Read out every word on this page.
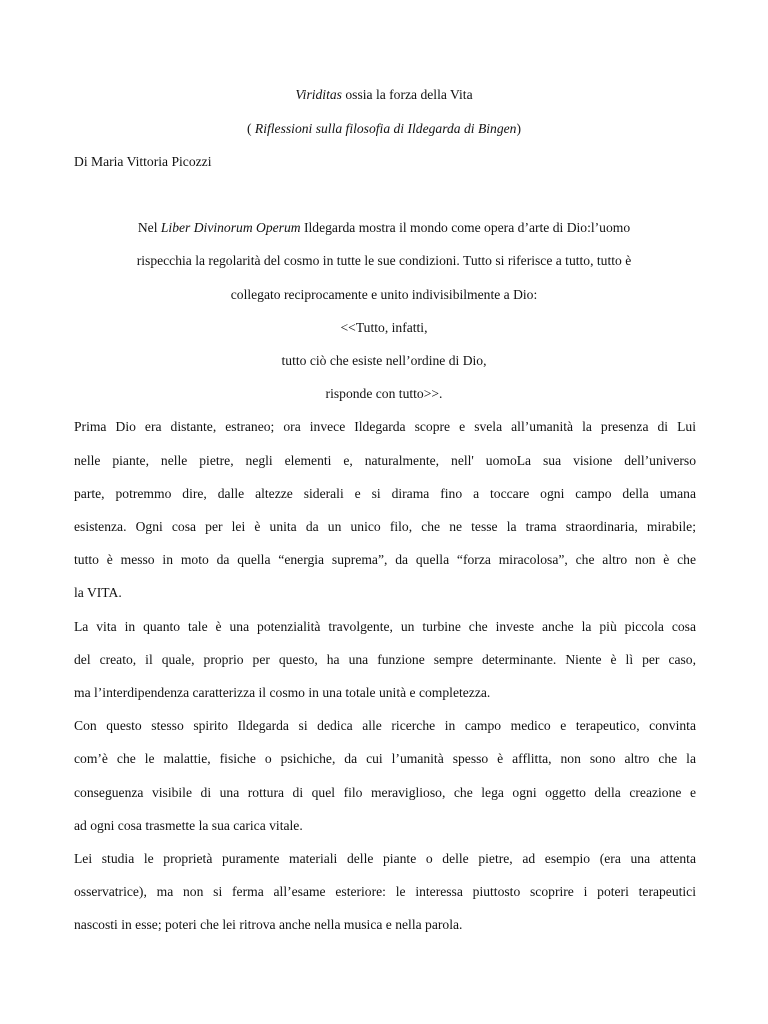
Viriditas ossia la forza della Vita
( Riflessioni sulla filosofia di Ildegarda di Bingen)
Di Maria Vittoria Picozzi
Nel Liber Divinorum Operum Ildegarda mostra il mondo come opera d’arte di Dio:l’uomo
rispecchia la regolarità del cosmo in tutte le sue condizioni. Tutto si riferisce a tutto, tutto è
collegato reciprocamente e unito indivisibilmente a Dio:
<<Tutto, infatti,
tutto ciò che esiste nell’ordine di Dio,
risponde con tutto>>.
Prima Dio era distante, estraneo; ora invece Ildegarda scopre e svela all’umanità la presenza di Lui
nelle piante, nelle pietre, negli elementi e, naturalmente, nell' uomoLa sua visione dell’universo
parte, potremmo dire, dalle altezze siderali e si dirama fino a toccare ogni campo della umana
esistenza. Ogni cosa per lei è unita da un unico filo, che ne tesse la trama straordinaria, mirabile;
tutto è messo in moto da quella “energia suprema”, da quella “forza miracolosa”, che altro non è che
la VITA.
La vita in quanto tale è una potenzialità travolgente, un turbine che investe anche la più piccola cosa
del creato, il quale, proprio per questo, ha una funzione sempre determinante. Niente è lì per caso,
ma l’interdipendenza caratterizza il cosmo in una totale unità e completezza.
Con questo stesso spirito Ildegarda si dedica alle ricerche in campo medico e terapeutico, convinta
com’è che le malattie, fisiche o psichiche, da cui l’umanità spesso è afflitta, non sono altro che la
conseguenza visibile di una rottura di quel filo meraviglioso, che lega ogni oggetto della creazione e
ad ogni cosa trasmette la sua carica vitale.
Lei studia le proprietà puramente materiali delle piante o delle pietre, ad esempio (era una attenta
osservatrice), ma non si ferma all’esame esteriore: le interessa piuttosto scoprire i poteri terapeutici
nascosti in esse; poteri che lei ritrova anche nella musica e nella parola.
